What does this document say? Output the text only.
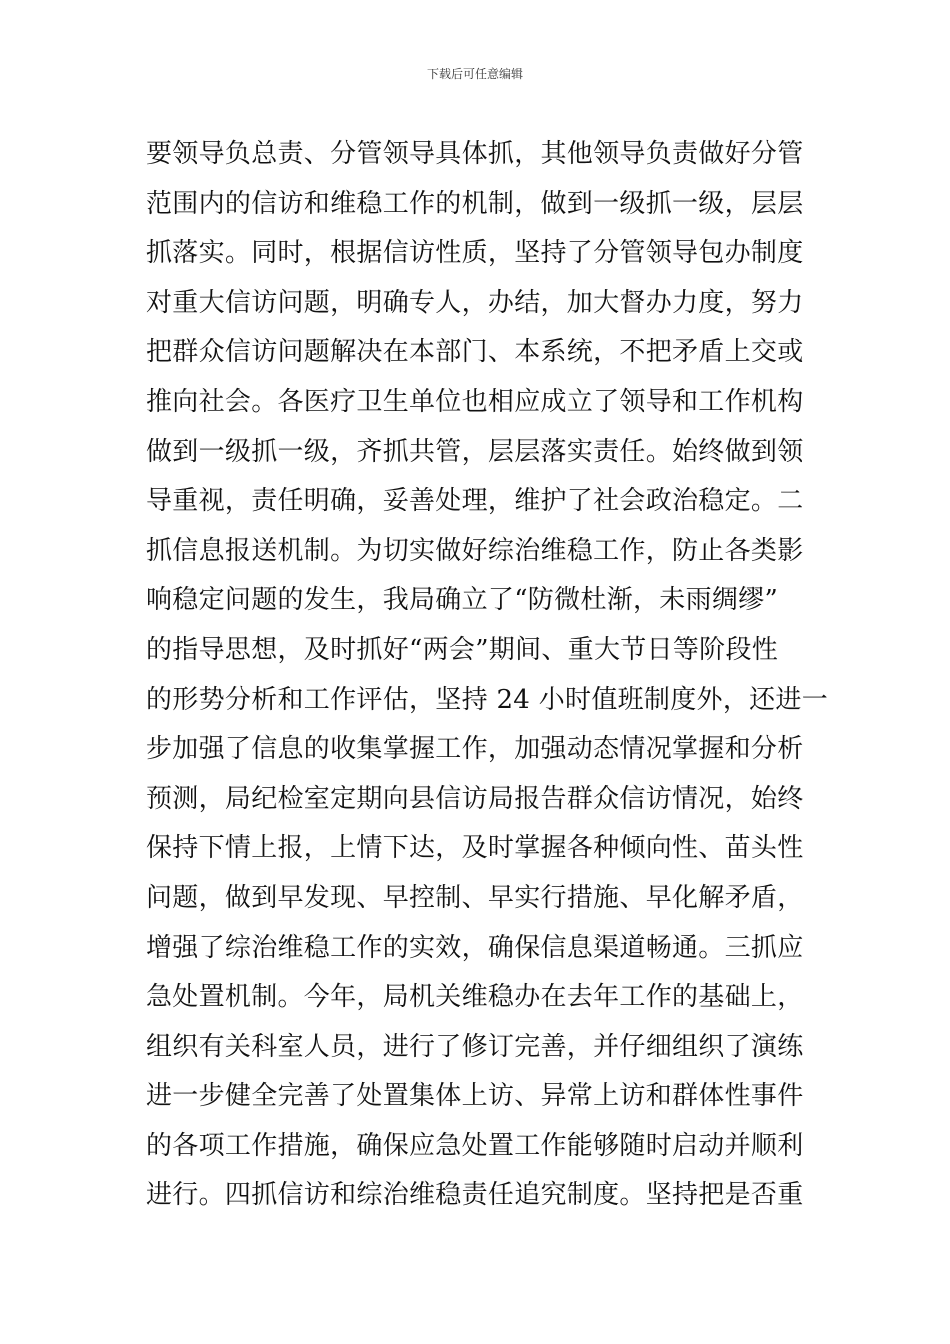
下载后可任意编辑
要领导负总责、分管领导具体抓，其他领导负责做好分管
范围内的信访和维稳工作的机制，做到一级抓一级，层层
抓落实。同时，根据信访性质，坚持了分管领导包办制度
对重大信访问题，明确专人，办结，加大督办力度，努力
把群众信访问题解决在本部门、本系统，不把矛盾上交或
推向社会。各医疗卫生单位也相应成立了领导和工作机构
做到一级抓一级，齐抓共管，层层落实责任。始终做到领
导重视，责任明确，妥善处理，维护了社会政治稳定。二
抓信息报送机制。为切实做好综治维稳工作，防止各类影
响稳定问题的发生，我局确立了“防微杜渐，未雨绸缪”
的指导思想，及时抓好“两会”期间、重大节日等阶段性
的形势分析和工作评估，坚持 24 小时值班制度外，还进一
步加强了信息的收集掌握工作，加强动态情况掌握和分析
预测，局纪检室定期向县信访局报告群众信访情况，始终
保持下情上报，上情下达，及时掌握各种倾向性、苗头性
问题，做到早发现、早控制、早实行措施、早化解矛盾，
增强了综治维稳工作的实效，确保信息渠道畅通。三抓应
急处置机制。今年，局机关维稳办在去年工作的基础上，
组织有关科室人员，进行了修订完善，并仔细组织了演练
进一步健全完善了处置集体上访、异常上访和群体性事件
的各项工作措施，确保应急处置工作能够随时启动并顺利
进行。四抓信访和综治维稳责任追究制度。坚持把是否重
